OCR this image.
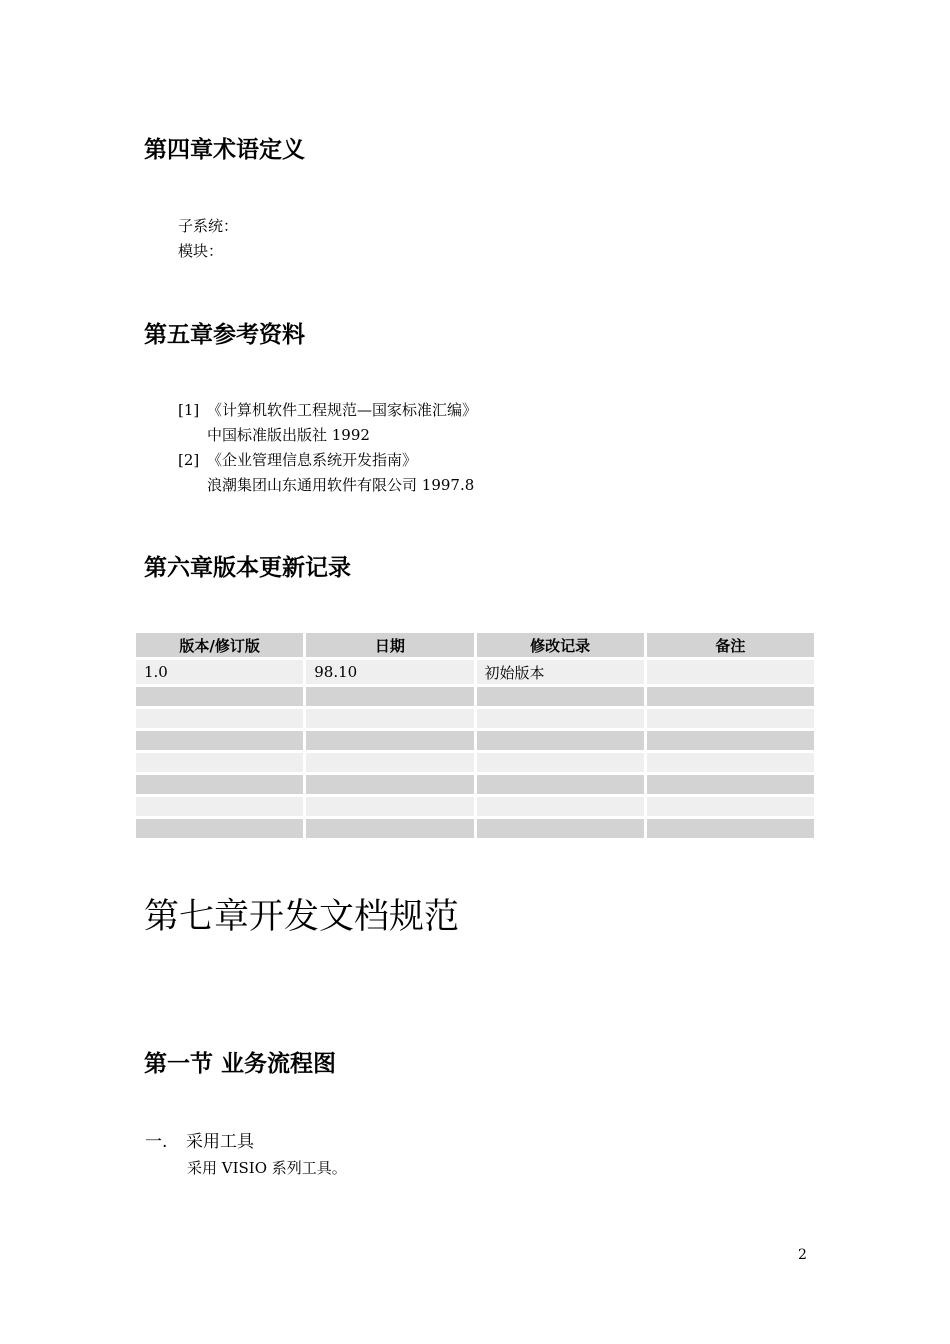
第四章术语定义
子系统：
模块：
第五章参考资料
[1] 《计算机软件工程规范—国家标准汇编》
中国标准版出版社 1992
[2] 《企业管理信息系统开发指南》
浪潮集团山东通用软件有限公司 1997.8
第六章版本更新记录
版本/修订版	日期	修改记录	备注
1.0	98.10	初始版本	

第七章开发文档规范
第一节 业务流程图
一. 采用工具
采用 VISIO 系列工具。
2
